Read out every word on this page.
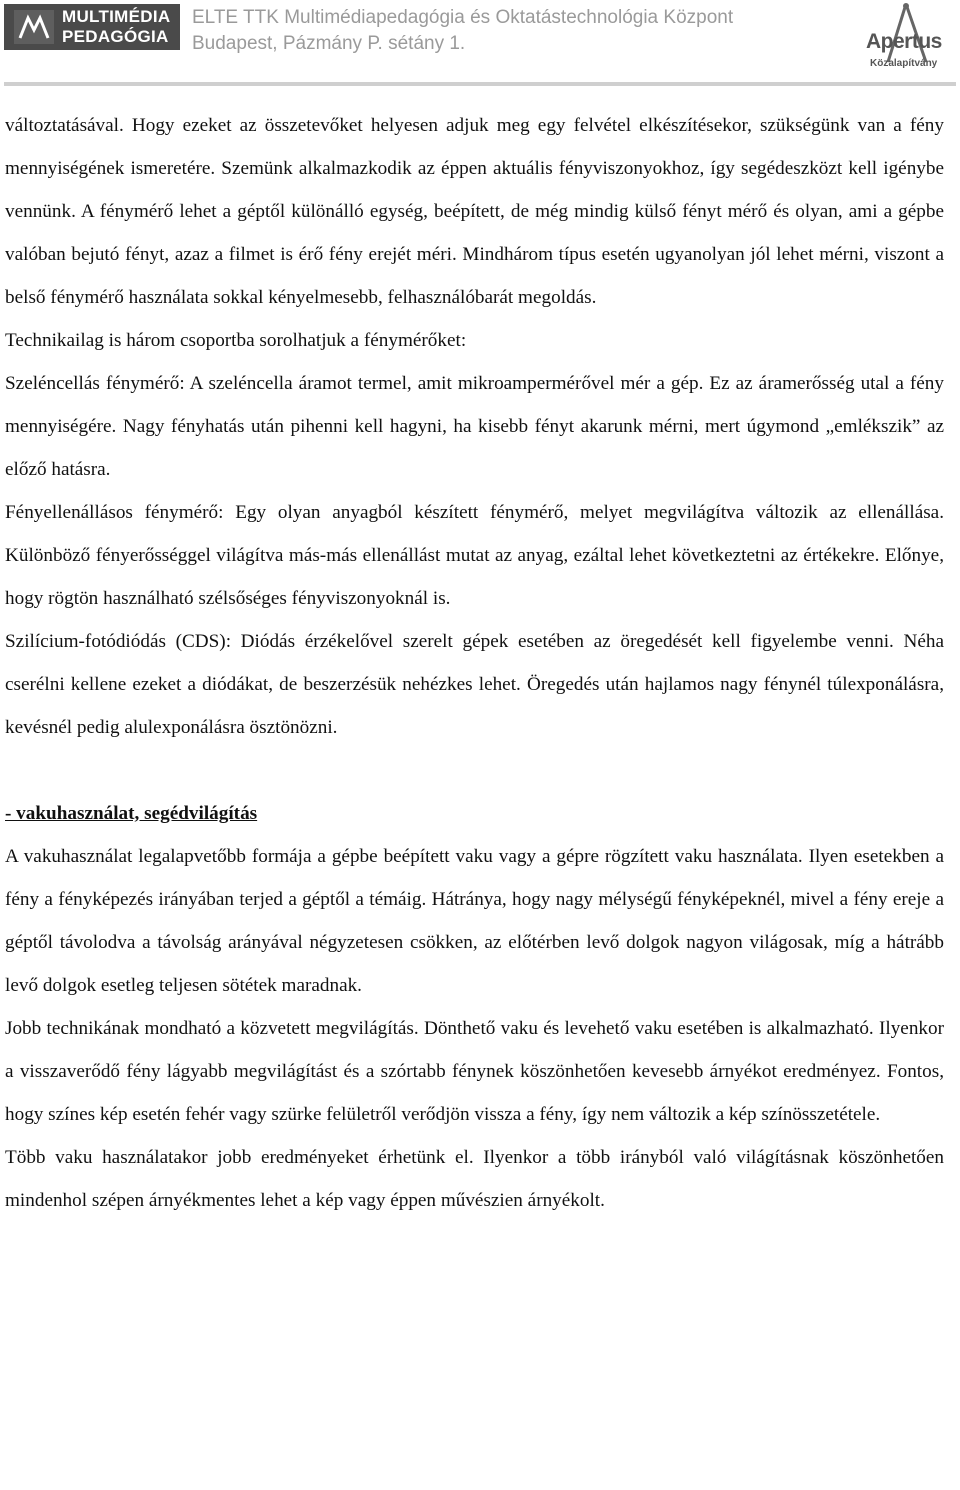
MULTIMÉDIA
PEDAGÓGIA
ELTE TTK Multimédiapedagógia és Oktatástechnológia Központ
Budapest, Pázmány P. sétány 1.	Apertus
Közalapítvány

változtatásával. Hogy ezeket az összetevőket helyesen adjuk meg egy felvétel elkészítésekor, szükségünk van a fény mennyiségének ismeretére. Szemünk alkalmazkodik az éppen aktuális fényviszonyokhoz, így segédeszközt kell igénybe vennünk. A fénymérő lehet a géptől különálló egység, beépített, de még mindig külső fényt mérő és olyan, ami a gépbe valóban bejutó fényt, azaz a filmet is érő fény erejét méri. Mindhárom típus esetén ugyanolyan jól lehet mérni, viszont a belső fénymérő használata sokkal kényelmesebb, felhasználóbarát megoldás.

Technikailag is három csoportba sorolhatjuk a fénymérőket:

Szeléncellás fénymérő: A szeléncella áramot termel, amit mikroampermérővel mér a gép. Ez az áramerősség utal a fény mennyiségére. Nagy fényhatás után pihenni kell hagyni, ha kisebb fényt akarunk mérni, mert úgymond „emlékszik” az előző hatásra.

Fényellenállásos fénymérő: Egy olyan anyagból készített fénymérő, melyet megvilágítva változik az ellenállása. Különböző fényerősséggel világítva más-más ellenállást mutat az anyag, ezáltal lehet következtetni az értékekre. Előnye, hogy rögtön használható szélsőséges fényviszonyoknál is.

Szilícium-fotódiódás (CDS): Diódás érzékelővel szerelt gépek esetében az öregedését kell figyelembe venni. Néha cserélni kellene ezeket a diódákat, de beszerzésük nehézkes lehet. Öregedés után hajlamos nagy fénynél túlexponálásra, kevésnél pedig alulexponálásra ösztönözni.

- vakuhasználat, segédvilágítás

A vakuhasználat legalapvetőbb formája a gépbe beépített vaku vagy a gépre rögzített vaku használata. Ilyen esetekben a fény a fényképezés irányában terjed a géptől a témáig. Hátránya, hogy nagy mélységű fényképeknél, mivel a fény ereje a géptől távolodva a távolság arányával négyzetesen csökken, az előtérben levő dolgok nagyon világosak, míg a hátrább levő dolgok esetleg teljesen sötétek maradnak.

Jobb technikának mondható a közvetett megvilágítás. Dönthető vaku és levehető vaku esetében is alkalmazható. Ilyenkor a visszaverődő fény lágyabb megvilágítást és a szórtabb fénynek köszönhetően kevesebb árnyékot eredményez. Fontos, hogy színes kép esetén fehér vagy szürke felületről verődjön vissza a fény, így nem változik a kép színösszetétele.

Több vaku használatakor jobb eredményeket érhetünk el. Ilyenkor a több irányból való világításnak köszönhetően mindenhol szépen árnyékmentes lehet a kép vagy éppen művészien árnyékolt.
